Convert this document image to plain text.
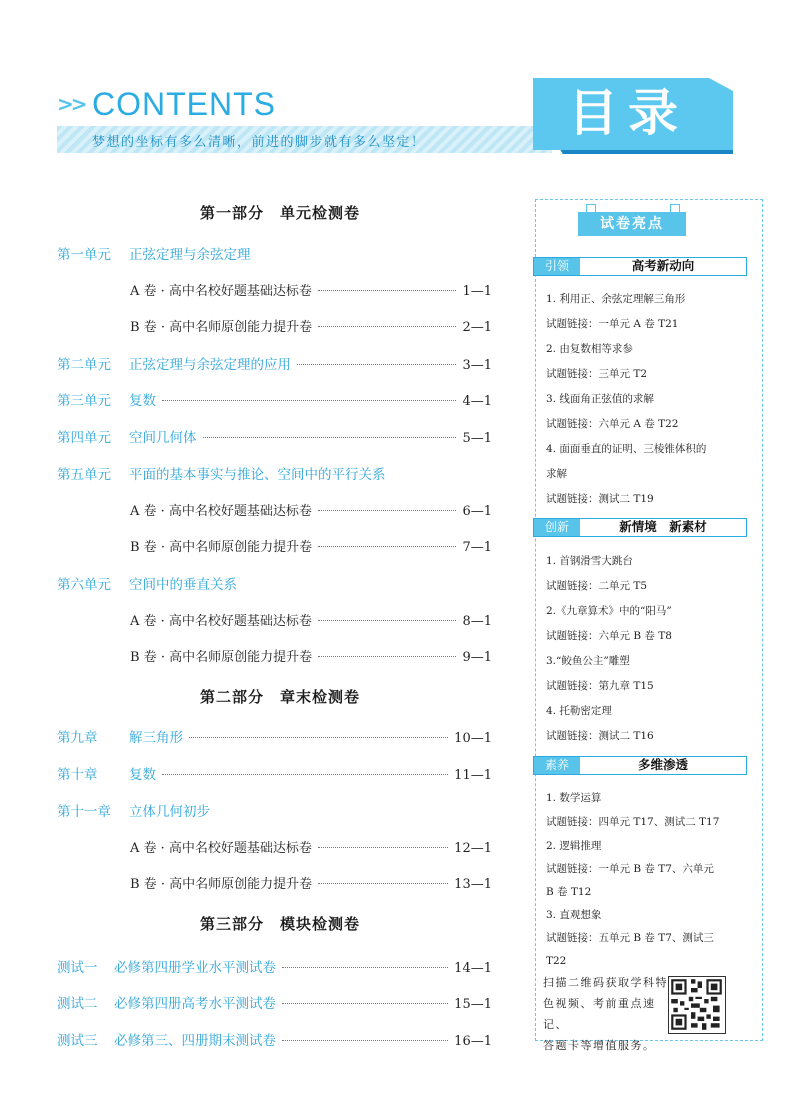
>> CONTENTS
梦想的坐标有多么清晰，前进的脚步就有多么坚定！
目录
第一部分　单元检测卷
第一单元	正弦定理与余弦定理
A 卷 · 高中名校好题基础达标卷	1—1
B 卷 · 高中名师原创能力提升卷	2—1
第二单元	正弦定理与余弦定理的应用	3—1
第三单元	复数	4—1
第四单元	空间几何体	5—1
第五单元	平面的基本事实与推论、空间中的平行关系
A 卷 · 高中名校好题基础达标卷	6—1
B 卷 · 高中名师原创能力提升卷	7—1
第六单元	空间中的垂直关系
A 卷 · 高中名校好题基础达标卷	8—1
B 卷 · 高中名师原创能力提升卷	9—1
第二部分　章末检测卷
第九章	解三角形	10—1
第十章	复数	11—1
第十一章	立体几何初步
A 卷 · 高中名校好题基础达标卷	12—1
B 卷 · 高中名师原创能力提升卷	13—1
第三部分　模块检测卷
测试一	必修第四册学业水平测试卷	14—1
测试二	必修第四册高考水平测试卷	15—1
测试三	必修第三、四册期末测试卷	16—1
试卷亮点
引领	高考新动向
1. 利用正、余弦定理解三角形
试题链接：一单元 A 卷 T21
2. 由复数相等求参
试题链接：三单元 T2
3. 线面角正弦值的求解
试题链接：六单元 A 卷 T22
4. 面面垂直的证明、三棱锥体积的
求解
试题链接：测试二 T19
创新	新情境　新素材
1. 首钢滑雪大跳台
试题链接：二单元 T5
2.《九章算术》中的“阳马”
试题链接：六单元 B 卷 T8
3.“鲛鱼公主”雕塑
试题链接：第九章 T15
4. 托勒密定理
试题链接：测试二 T16
素养	多维渗透
1. 数学运算
试题链接：四单元 T17、测试二 T17
2. 逻辑推理
试题链接：一单元 B 卷 T7、六单元
B 卷 T12
3. 直观想象
试题链接：五单元 B 卷 T7、测试三
T22
扫描二维码获取学科特
色视频、考前重点速记、
答题卡等增值服务。
